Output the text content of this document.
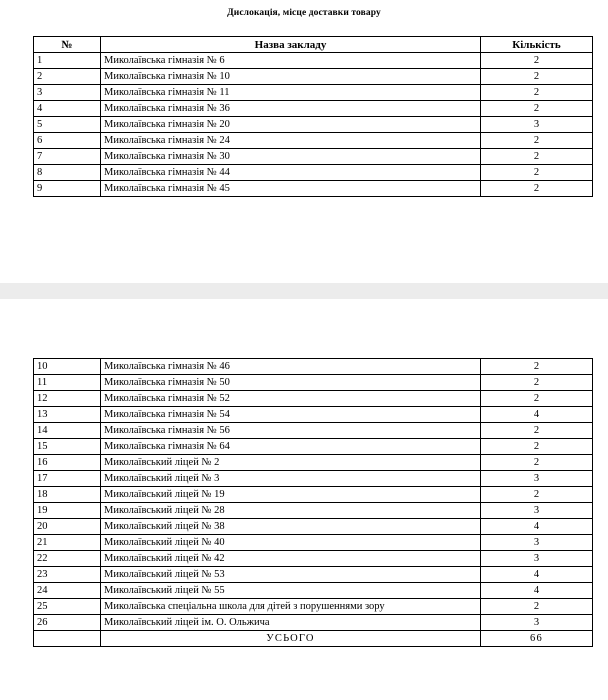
Дислокація, місце доставки товару
№	Назва закладу	Кількість
1	Миколаївська гімназія № 6	2
2	Миколаївська гімназія № 10	2
3	Миколаївська гімназія № 11	2
4	Миколаївська гімназія № 36	2
5	Миколаївська гімназія № 20	3
6	Миколаївська гімназія № 24	2
7	Миколаївська гімназія № 30	2
8	Миколаївська гімназія № 44	2
9	Миколаївська гімназія № 45	2
10	Миколаївська гімназія № 46	2
11	Миколаївська гімназія № 50	2
12	Миколаївська гімназія № 52	2
13	Миколаївська гімназія № 54	4
14	Миколаївська гімназія № 56	2
15	Миколаївська гімназія № 64	2
16	Миколаївський ліцей № 2	2
17	Миколаївський ліцей № 3	3
18	Миколаївський ліцей № 19	2
19	Миколаївський ліцей № 28	3
20	Миколаївський ліцей № 38	4
21	Миколаївський ліцей № 40	3
22	Миколаївський ліцей № 42	3
23	Миколаївський ліцей № 53	4
24	Миколаївський ліцей № 55	4
25	Миколаївська спеціальна школа для дітей з порушеннями зору	2
26	Миколаївський ліцей ім. О. Ольжича	3
	УСЬОГО	66
